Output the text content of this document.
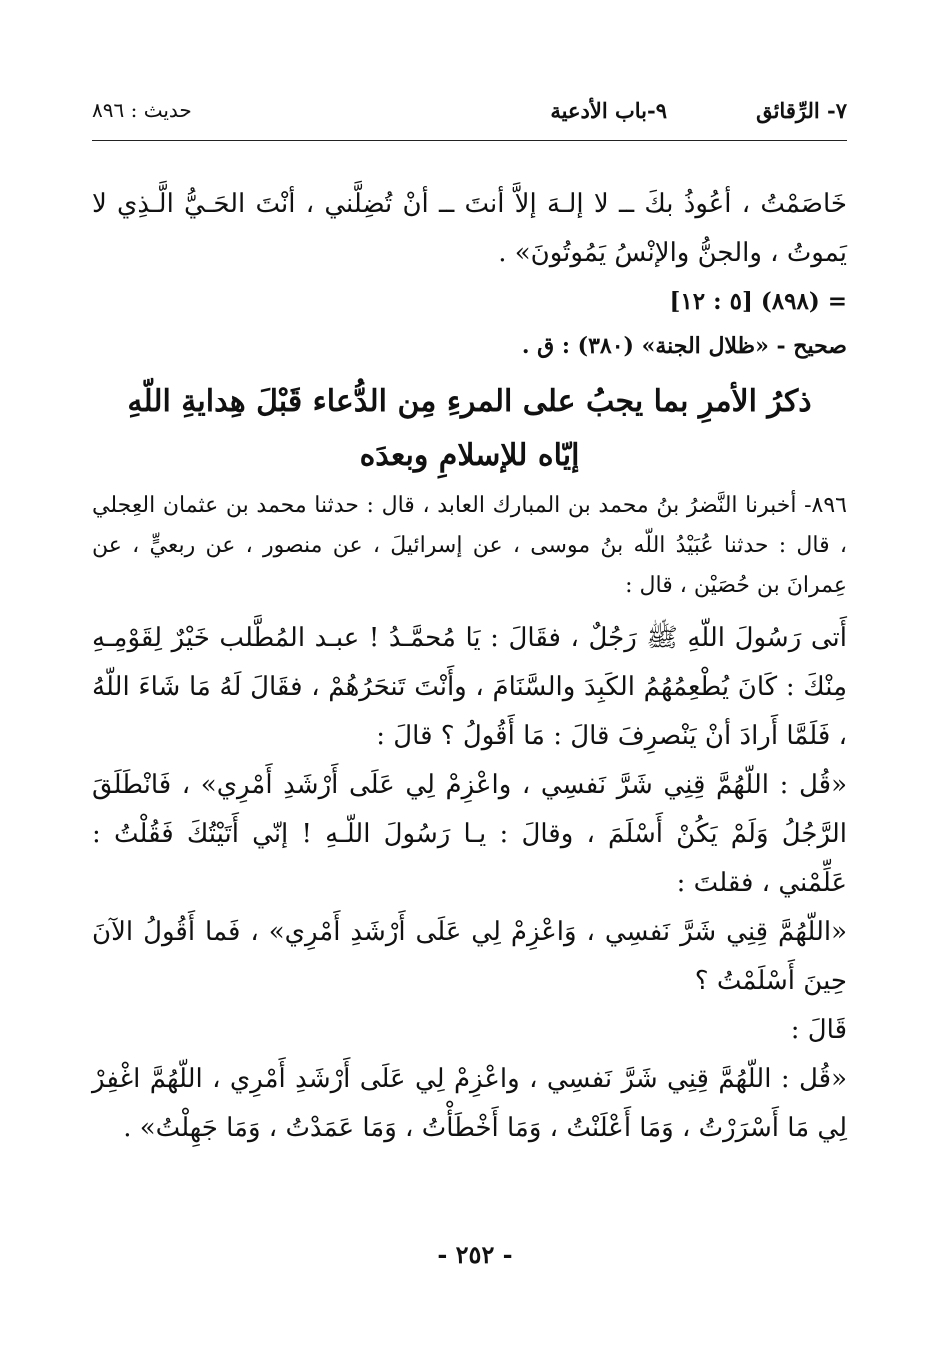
٧- الرِّقائق
٩-باب الأدعية
حديث : ٨٩٦

خَاصَمْتُ ، أعُوذُ بكَ ــ لا إلـهَ إلاَّ أنتَ ــ أنْ تُضِلَّني ، أنْتَ الحَـيُّ الَّـذِي لا يَموتُ ، والجنُّ والإنْسُ يَمُوتُونَ» .

= (٨٩٨) [٥ : ١٢]

صحيح - «ظلال الجنة» (٣٨٠) : ق .

ذكرُ الأمرِ بما يجبُ على المرءِ مِن الدُّعاء قَبْلَ هِدايةِ اللّهِ

إيّاه للإسلامِ وبعدَه

٨٩٦- أخبرنا النَّضرُ بنُ محمد بن المبارك العابد ، قال : حدثنا محمد بن عثمان العِجلي ، قال : حدثنا عُبَيْدُ اللّه بنُ موسى ، عن إسرائيلَ ، عن منصور ، عن ربعيٍّ ، عن عِمرانَ بن حُصَيْن ، قال :

أَتى رَسُولَ اللّهِ ﷺ رَجُلٌ ، فقَالَ : يَا مُحمَّـدُ ! عبـد المُطَّلب خَيْرٌ لِقَوْمِـهِ مِنْكَ : كَانَ يُطْعِمُهُمُ الكَبِدَ والسَّنَامَ ، وأَنْتَ تَنحَرُهُمْ ، فقَالَ لَهُ مَا شَاءَ اللّهُ ، فَلَمَّا أَرادَ أنْ يَنْصرِفَ قالَ : مَا أَقُولُ ؟ قالَ :

«قُل : اللّهُمَّ قِنِي شَرَّ نَفسِي ، واعْزِمْ لِي عَلَى أَرْشَدِ أَمْرِي» ، فَانْطَلَقَ الرَّجُلُ وَلَمْ يَكُنْ أَسْلَمَ ، وقالَ : يـا رَسُولَ اللّـهِ ! إنّي أَتَيْتُكَ فَقُلْتُ : عَلِّمْني ، فقلتَ :

«اللّهُمَّ قِنِي شَرَّ نَفسِي ، وَاعْزِمْ لِي عَلَى أَرْشَدِ أَمْرِي» ، فَما أَقُولُ الآنَ حِينَ أَسْلَمْتُ ؟

قَالَ :

«قُل : اللّهُمَّ قِنِي شَرَّ نَفسِي ، واعْزِمْ لِي عَلَى أَرْشَدِ أَمْرِي ، اللّهُمَّ اغْفِرْ لِي مَا أَسْرَرْتُ ، وَمَا أَعْلَنْتُ ، وَمَا أَخْطَأْتُ ، وَمَا عَمَدْتُ ، وَمَا جَهِلْتُ» .

- ٢٥٢ -
